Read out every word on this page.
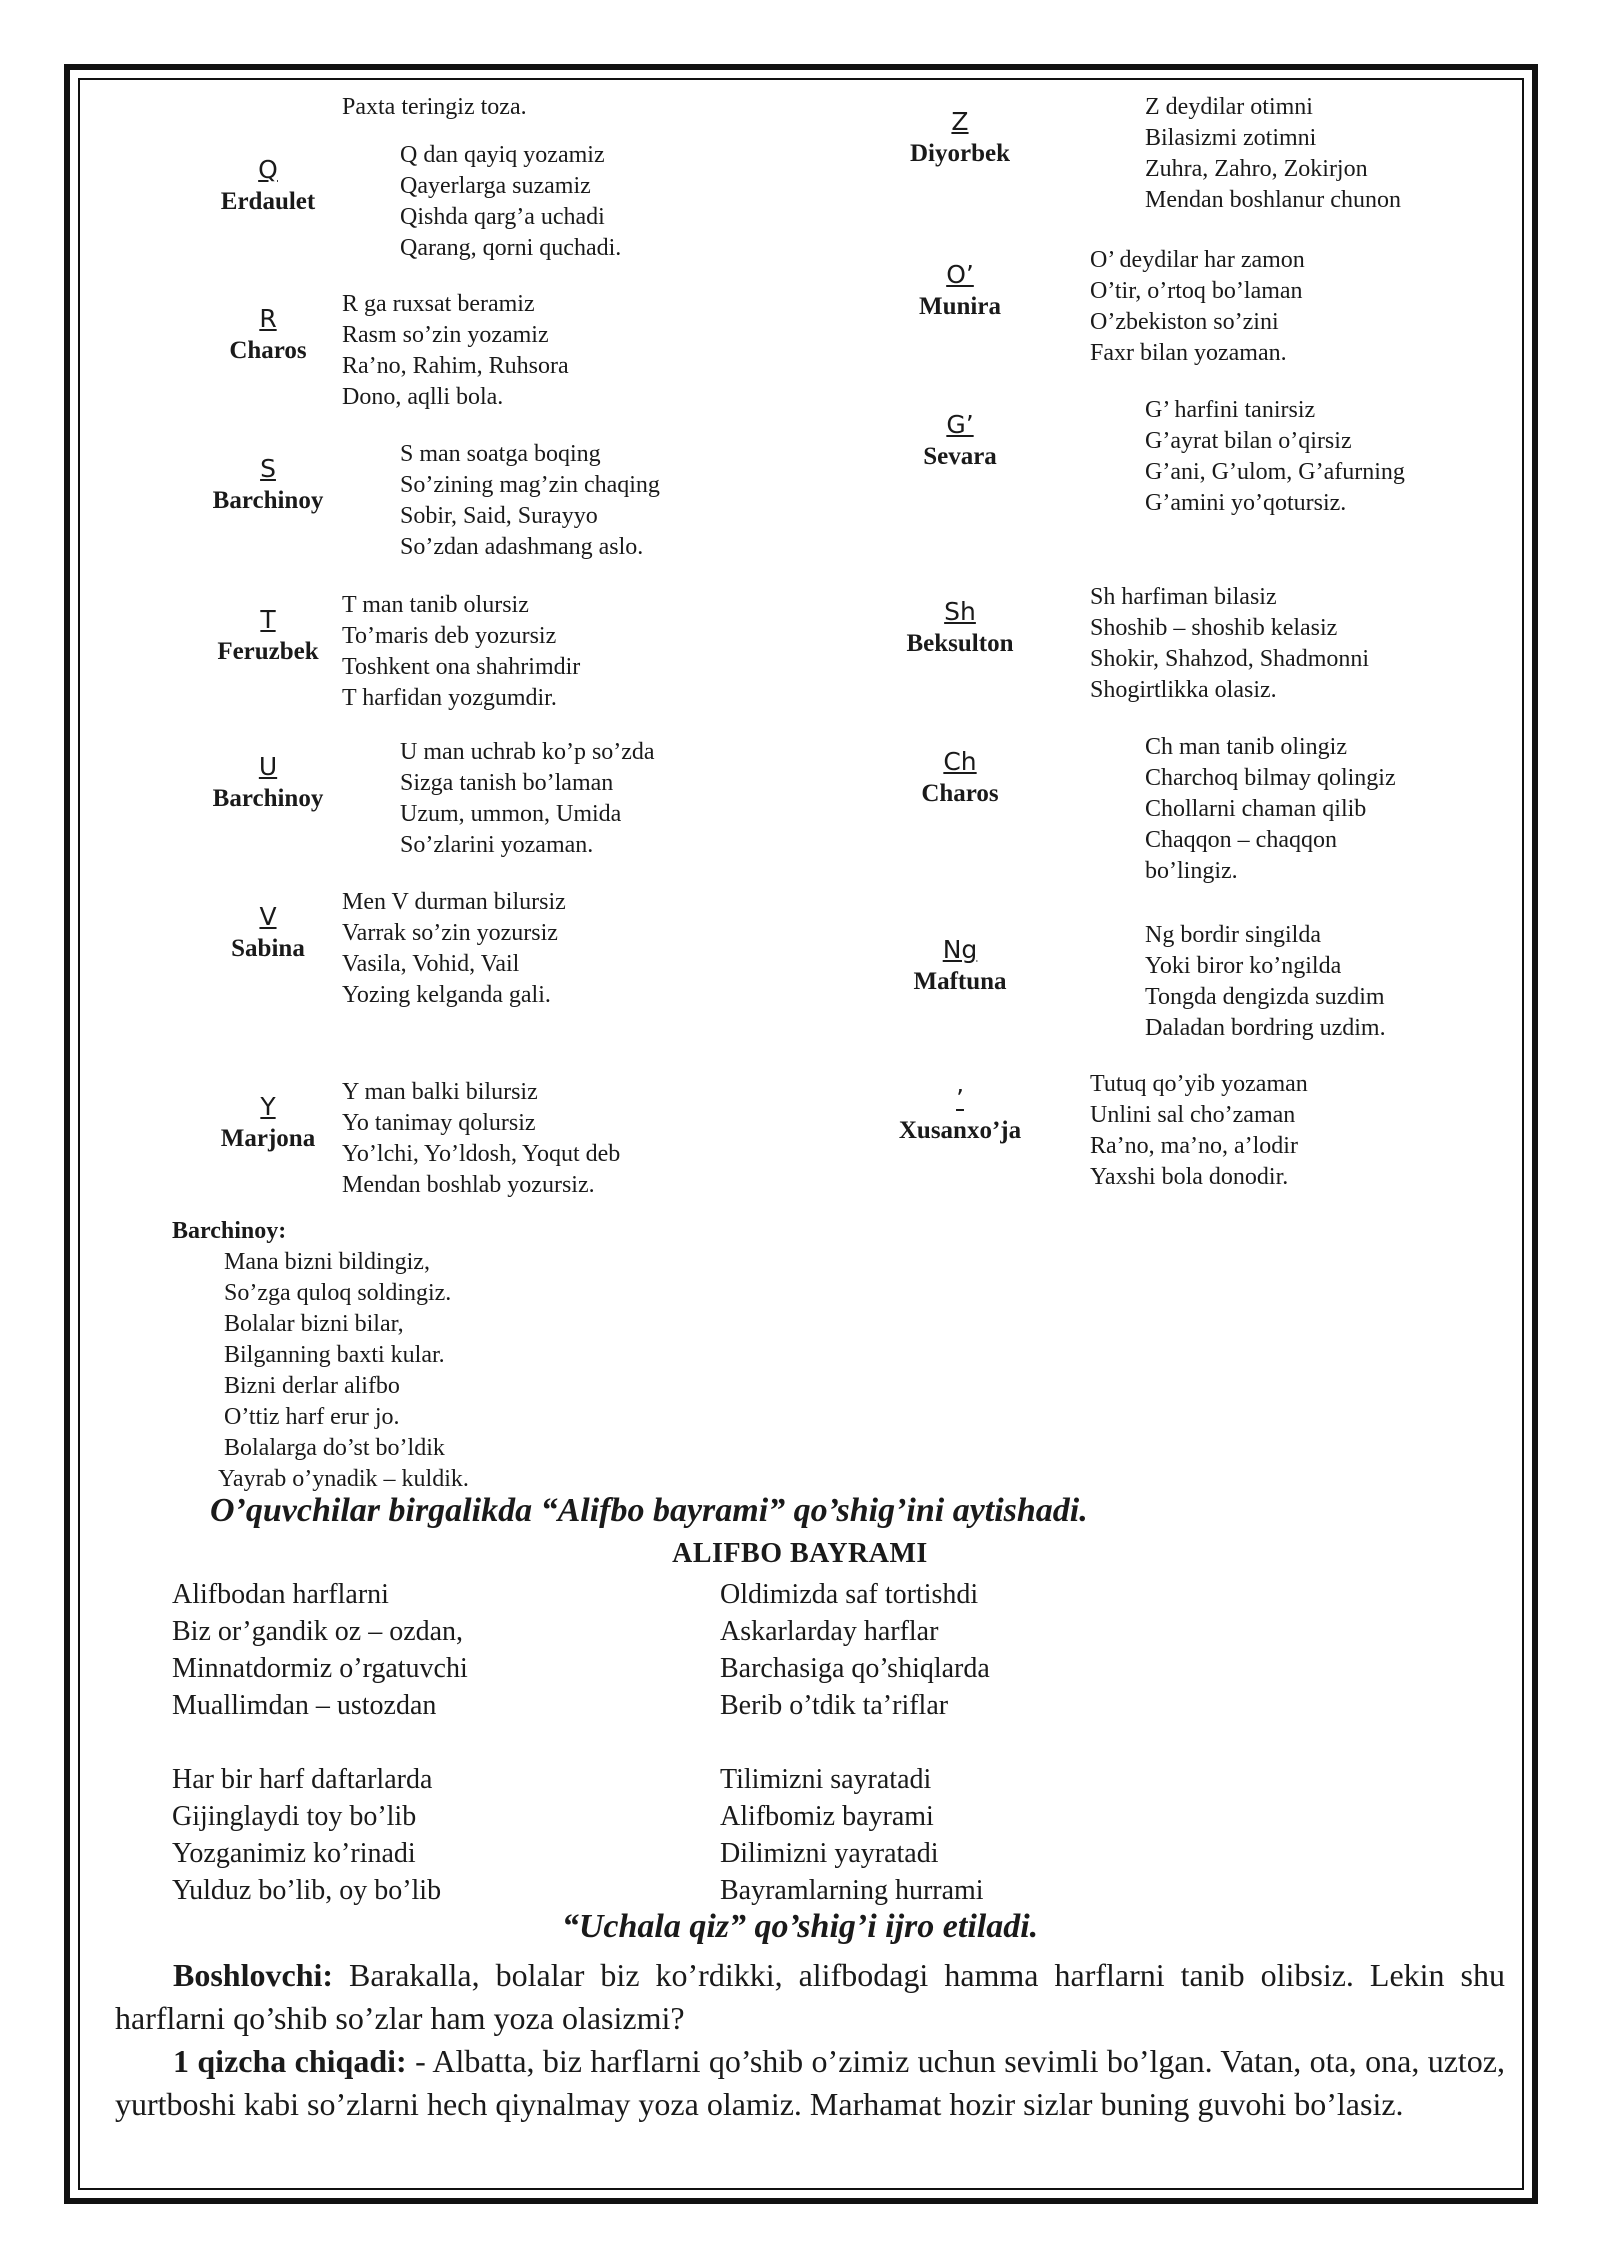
Paxta teringiz toza.
Q
Erdaulet
Q dan qayiq yozamiz
Qayerlarga suzamiz
Qishda qarg’a uchadi
Qarang, qorni quchadi.
R
Charos
R ga ruxsat beramiz
Rasm so’zin yozamiz
Ra’no, Rahim, Ruhsora
Dono, aqlli bola.
S
Barchinoy
S man soatga boqing
So’zining mag’zin chaqing
Sobir, Said, Surayyo
So’zdan adashmang aslo.
T
Feruzbek
T man tanib olursiz
To’maris deb yozursiz
Toshkent ona shahrimdir
T harfidan yozgumdir.
U
Barchinoy
U man uchrab ko’p so’zda
Sizga tanish bo’laman
Uzum, ummon, Umida
So’zlarini yozaman.
V
Sabina
Men V durman bilursiz
Varrak so’zin yozursiz
Vasila, Vohid, Vail
Yozing kelganda gali.
Y
Marjona
Y man balki bilursiz
Yo tanimay qolursiz
Yo’lchi, Yo’ldosh, Yoqut deb
Mendan boshlab yozursiz.
Z
Diyorbek
Z deydilar otimni
Bilasizmi zotimni
Zuhra, Zahro, Zokirjon
Mendan boshlanur chunon
O’
Munira
O’ deydilar har zamon
O’tir, o’rtoq bo’laman
O’zbekiston so’zini
Faxr bilan yozaman.
G’
Sevara
G’ harfini tanirsiz
G’ayrat bilan o’qirsiz
G’ani, G’ulom, G’afurning
G’amini yo’qotursiz.
Sh
Beksulton
Sh harfiman bilasiz
Shoshib – shoshib kelasiz
Shokir, Shahzod, Shadmonni
Shogirtlikka olasiz.
Ch
Charos
Ch man tanib olingiz
Charchoq bilmay qolingiz
Chollarni chaman qilib
Chaqqon – chaqqon
bo’lingiz.
Ng
Maftuna
Ng bordir singilda
Yoki biror ko’ngilda
Tongda dengizda suzdim
Daladan bordring uzdim.
’
Xusanxo’ja
Tutuq qo’yib yozaman
Unlini sal cho’zaman
Ra’no, ma’no, a’lodir
Yaxshi bola donodir.
Barchinoy:
Mana bizni bildingiz,
So’zga quloq soldingiz.
Bolalar bizni bilar,
Bilganning baxti kular.
Bizni derlar alifbo
O’ttiz harf erur jo.
Bolalarga do’st bo’ldik
Yayrab o’ynadik – kuldik.
O’quvchilar birgalikda “Alifbo bayrami” qo’shig’ini aytishadi.
ALIFBO BAYRAMI
Alifbodan harflarni
Biz or’gandik oz – ozdan,
Minnatdormiz o’rgatuvchi
Muallimdan – ustozdan
Har bir harf daftarlarda
Gijinglaydi toy bo’lib
Yozganimiz ko’rinadi
Yulduz bo’lib, oy bo’lib
Oldimizda saf tortishdi
Askarlarday harflar
Barchasiga qo’shiqlarda
Berib o’tdik ta’riflar
Tilimizni sayratadi
Alifbomiz bayrami
Dilimizni yayratadi
Bayramlarning hurrami
“Uchala qiz” qo’shig’i ijro etiladi.
Boshlovchi: Barakalla, bolalar biz ko’rdikki, alifbodagi hamma harflarni tanib olibsiz. Lekin shu harflarni qo’shib so’zlar ham yoza olasizmi?
1 qizcha chiqadi: - Albatta, biz harflarni qo’shib o’zimiz uchun sevimli bo’lgan. Vatan, ota, ona, uztoz, yurtboshi kabi so’zlarni hech qiynalmay yoza olamiz. Marhamat hozir sizlar buning guvohi bo’lasiz.
